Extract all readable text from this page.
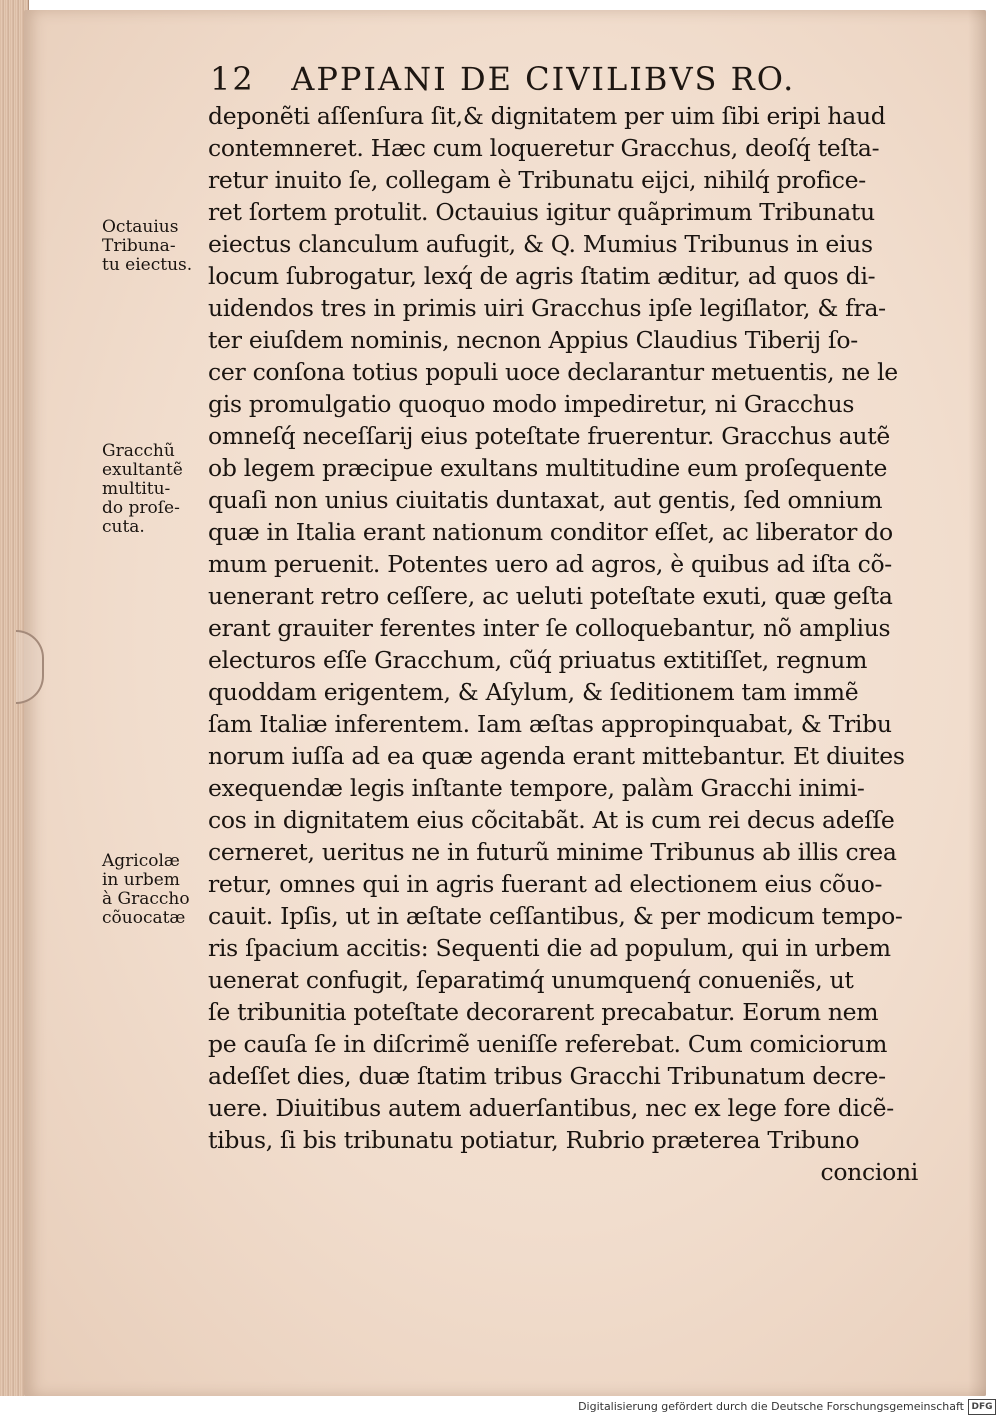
12 APPIANI DE CIVILIBVS RO.
deponẽti aſſenſura ſit,& dignitatem per uim ſibi eripi haud
contemneret. Hæc cum loqueretur Gracchus, deoſq́ teſta-
retur inuito ſe, collegam è Tribunatu eijci, nihilq́ profice-
ret ſortem protulit. Octauius igitur quãprimum Tribunatu
eiectus clanculum aufugit, & Q. Mumius Tribunus in eius
locum ſubrogatur, lexq́ de agris ſtatim æditur, ad quos di-
uidendos tres in primis uiri Gracchus ipſe legiſlator, & fra-
ter eiuſdem nominis, necnon Appius Claudius Tiberij ſo-
cer conſona totius populi uoce declarantur metuentis, ne le
gis promulgatio quoquo modo impediretur, ni Gracchus
omneſq́ neceſſarij eius poteſtate fruerentur. Gracchus autẽ
ob legem præcipue exultans multitudine eum proſequente
quaſi non unius ciuitatis duntaxat, aut gentis, ſed omnium
quæ in Italia erant nationum conditor eſſet, ac liberator do
mum peruenit. Potentes uero ad agros, è quibus ad iſta cõ-
uenerant retro ceſſere, ac ueluti poteſtate exuti, quæ geſta
erant grauiter ferentes inter ſe colloquebantur, nõ amplius
electuros eſſe Gracchum, cũq́ priuatus extitiſſet, regnum
quoddam erigentem, & Aſylum, & ſeditionem tam immẽ
ſam Italiæ inferentem. Iam æſtas appropinquabat, & Tribu
norum iuſſa ad ea quæ agenda erant mittebantur. Et diuites
exequendæ legis inſtante tempore, palàm Gracchi inimi-
cos in dignitatem eius cõcitabãt. At is cum rei decus adeſſe
cerneret, ueritus ne in futurũ minime Tribunus ab illis crea
retur, omnes qui in agris fuerant ad electionem eius cõuo-
cauit. Ipſis, ut in æſtate ceſſantibus, & per modicum tempo-
ris ſpacium accitis: Sequenti die ad populum, qui in urbem
uenerat confugit, ſeparatimq́ unumquenq́ conueniẽs, ut
ſe tribunitia poteſtate decorarent precabatur. Eorum nem
pe cauſa ſe in diſcrimẽ ueniſſe referebat. Cum comiciorum
adeſſet dies, duæ ſtatim tribus Gracchi Tribunatum decre-
uere. Diuitibus autem aduerſantibus, nec ex lege fore dicẽ-
tibus, ſi bis tribunatu potiatur, Rubrio præterea Tribuno
concioni
Octauius
Tribuna-
tu eiectus.
Gracchũ
exultantẽ
multitu-
do proſe-
cuta.
Agricolæ
in urbem
à Graccho
cõuocatæ
Digitalisierung gefördert durch die Deutsche Forschungsgemeinschaft DFG
